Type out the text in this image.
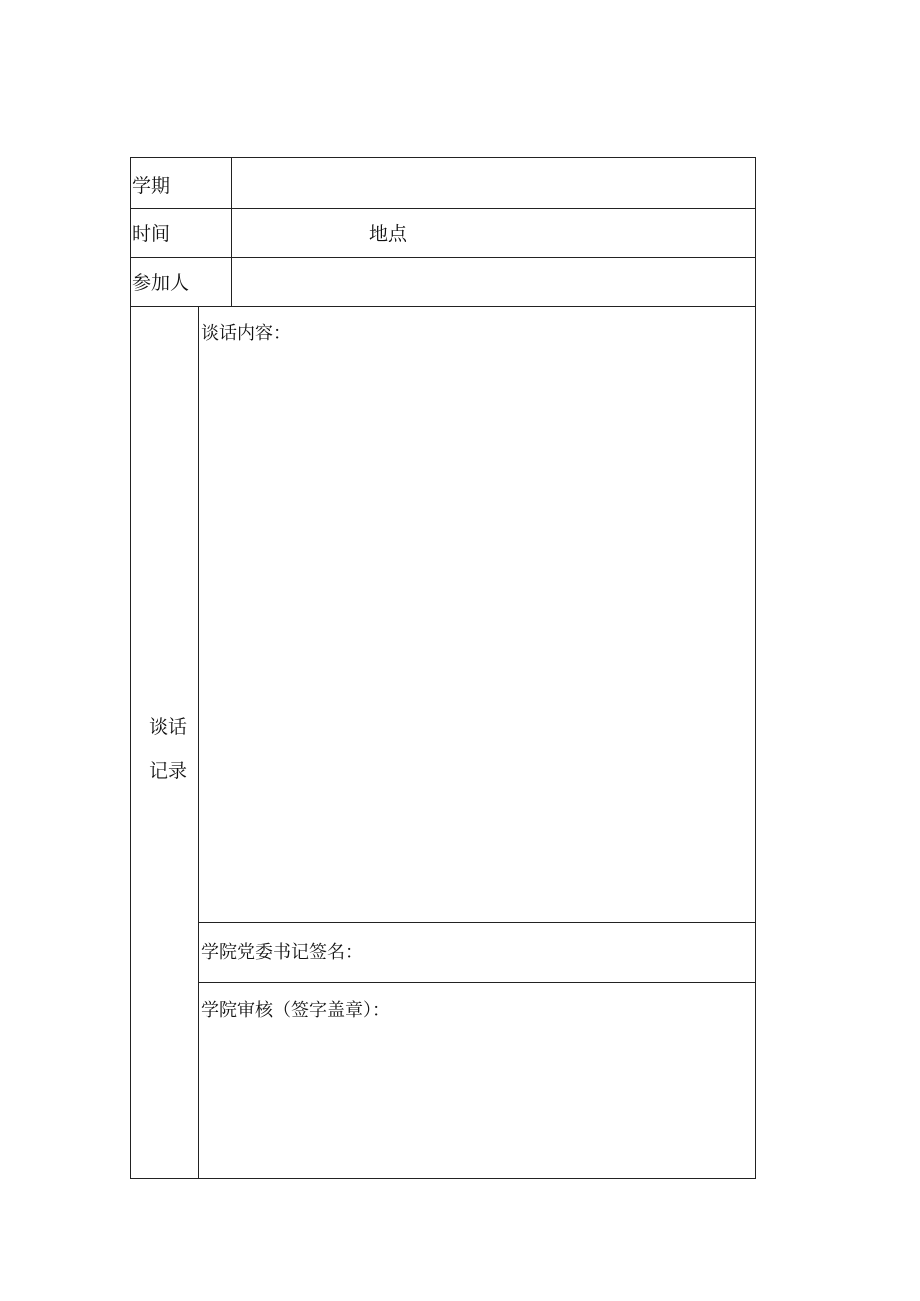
学期
时间	地点
参加人
谈话
记录
谈话内容：
学院党委书记签名：
学院审核（签字盖章）：
